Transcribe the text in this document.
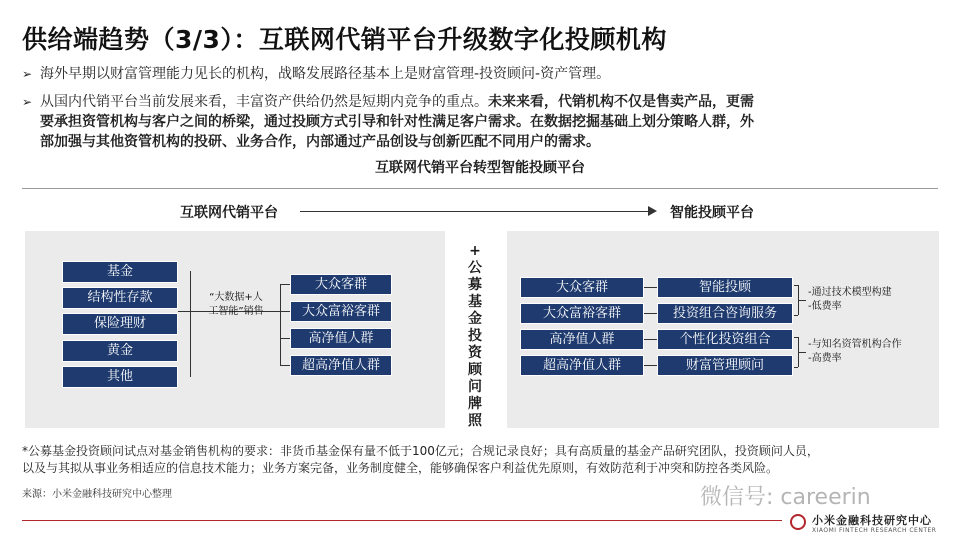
供给端趋势（3/3）：互联网代销平台升级数字化投顾机构
➢ 海外早期以财富管理能力见长的机构，战略发展路径基本上是财富管理-投资顾问-资产管理。
➢ 从国内代销平台当前发展来看，丰富资产供给仍然是短期内竞争的重点。未来来看，代销机构不仅是售卖产品，更需
要承担资管机构与客户之间的桥梁，通过投顾方式引导和针对性满足客户需求。在数据挖掘基础上划分策略人群，外
部加强与其他资管机构的投研、业务合作，内部通过产品创设与创新匹配不同用户的需求。
互联网代销平台转型智能投顾平台
互联网代销平台	智能投顾平台
基金
结构性存款
保险理财
黄金
其他
“大数据+人
工智能”销售
大众客群
大众富裕客群
高净值人群
超高净值人群
+
公
募
基
金
投
资
顾
问
牌
照
大众客群
大众富裕客群
高净值人群
超高净值人群
智能投顾
投资组合咨询服务
个性化投资组合
财富管理顾问
-通过技术模型构建
-低费率
-与知名资管机构合作
-高费率
*公募基金投资顾问试点对基金销售机构的要求：非货币基金保有量不低于100亿元；合规记录良好；具有高质量的基金产品研究团队，投资顾问人员，
以及与其拟从事业务相适应的信息技术能力；业务方案完备，业务制度健全，能够确保客户利益优先原则，有效防范利于冲突和防控各类风险。
来源：小米金融科技研究中心整理	微信号: careerin
小米金融科技研究中心
XIAOMI FINTECH RESEARCH CENTER
